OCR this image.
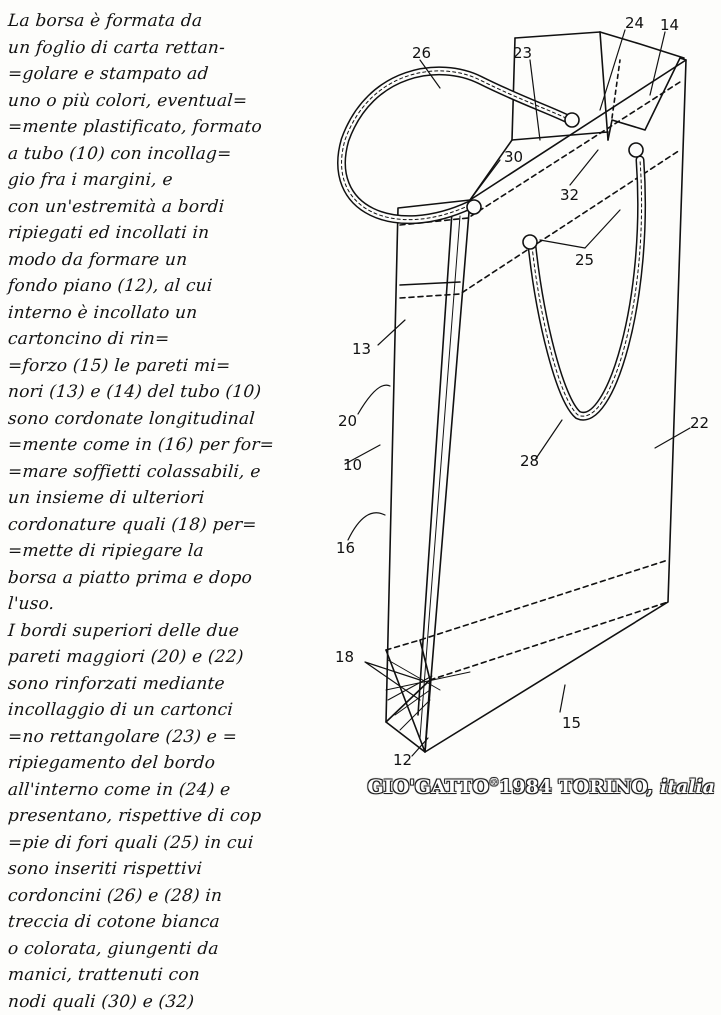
La borsa è formata da
un foglio di carta rettan-
=golare e stampato ad
uno o più colori, eventual=
=mente plastificato, formato
a tubo (10) con incollag=
gio fra i margini, e
con un'estremità a bordi
ripiegati ed incollati in
modo da formare un
fondo piano (12), al cui
interno è incollato un
cartoncino di rin=
=forzo (15) le pareti mi=
nori (13) e (14) del tubo (10)
sono cordonate longitudinal
=mente come in (16) per for=
=mare soffietti colassabili, e
un insieme di ulteriori
cordonature quali (18) per=
=mette di ripiegare la
borsa a piatto prima e dopo
l'uso.
I bordi superiori delle due
pareti maggiori (20) e (22)
sono rinforzati mediante
incollaggio di un cartonci
=no rettangolare (23) e =
ripiegamento del bordo
all'interno come in (24) e
presentano, rispettive di cop
=pie di fori quali (25) in cui
sono inseriti rispettivi
cordoncini (26) e (28) in
treccia di cotone bianca
o colorata, giungenti da
manici, trattenuti con
nodi quali (30) e (32)
26	23
24 14
30
32
25
13
20
10
22
28
16
18
15
12
GIO'GATTO®1984 TORINO, italia
